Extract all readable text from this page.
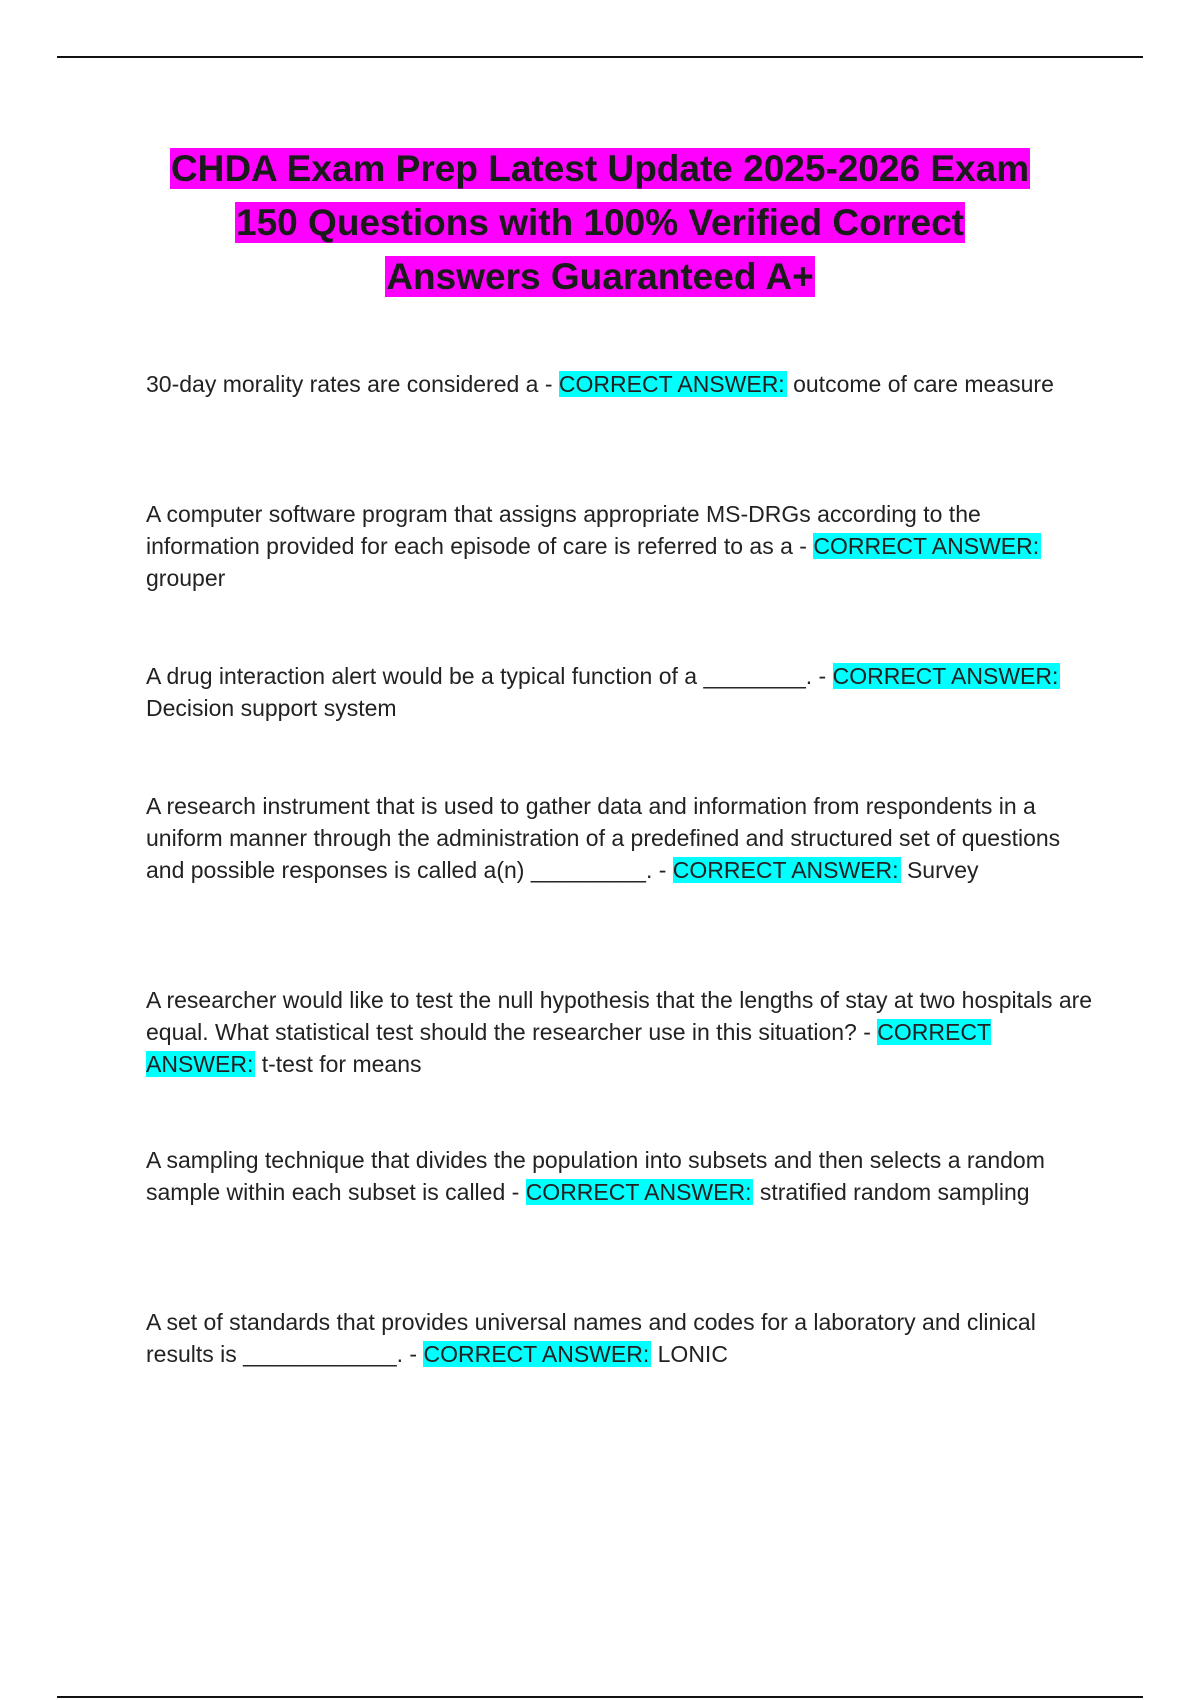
CHDA Exam Prep Latest Update 2025-2026 Exam
150 Questions with 100% Verified Correct
Answers Guaranteed A+

30-day morality rates are considered a - CORRECT ANSWER: outcome of care measure

A computer software program that assigns appropriate MS-DRGs according to the information provided for each episode of care is referred to as a - CORRECT ANSWER: grouper

A drug interaction alert would be a typical function of a ________. - CORRECT ANSWER: Decision support system

A research instrument that is used to gather data and information from respondents in a uniform manner through the administration of a predefined and structured set of questions and possible responses is called a(n) _________. - CORRECT ANSWER: Survey

A researcher would like to test the null hypothesis that the lengths of stay at two hospitals are equal. What statistical test should the researcher use in this situation? - CORRECT ANSWER: t-test for means

A sampling technique that divides the population into subsets and then selects a random sample within each subset is called - CORRECT ANSWER: stratified random sampling

A set of standards that provides universal names and codes for a laboratory and clinical results is ____________. - CORRECT ANSWER: LONIC
